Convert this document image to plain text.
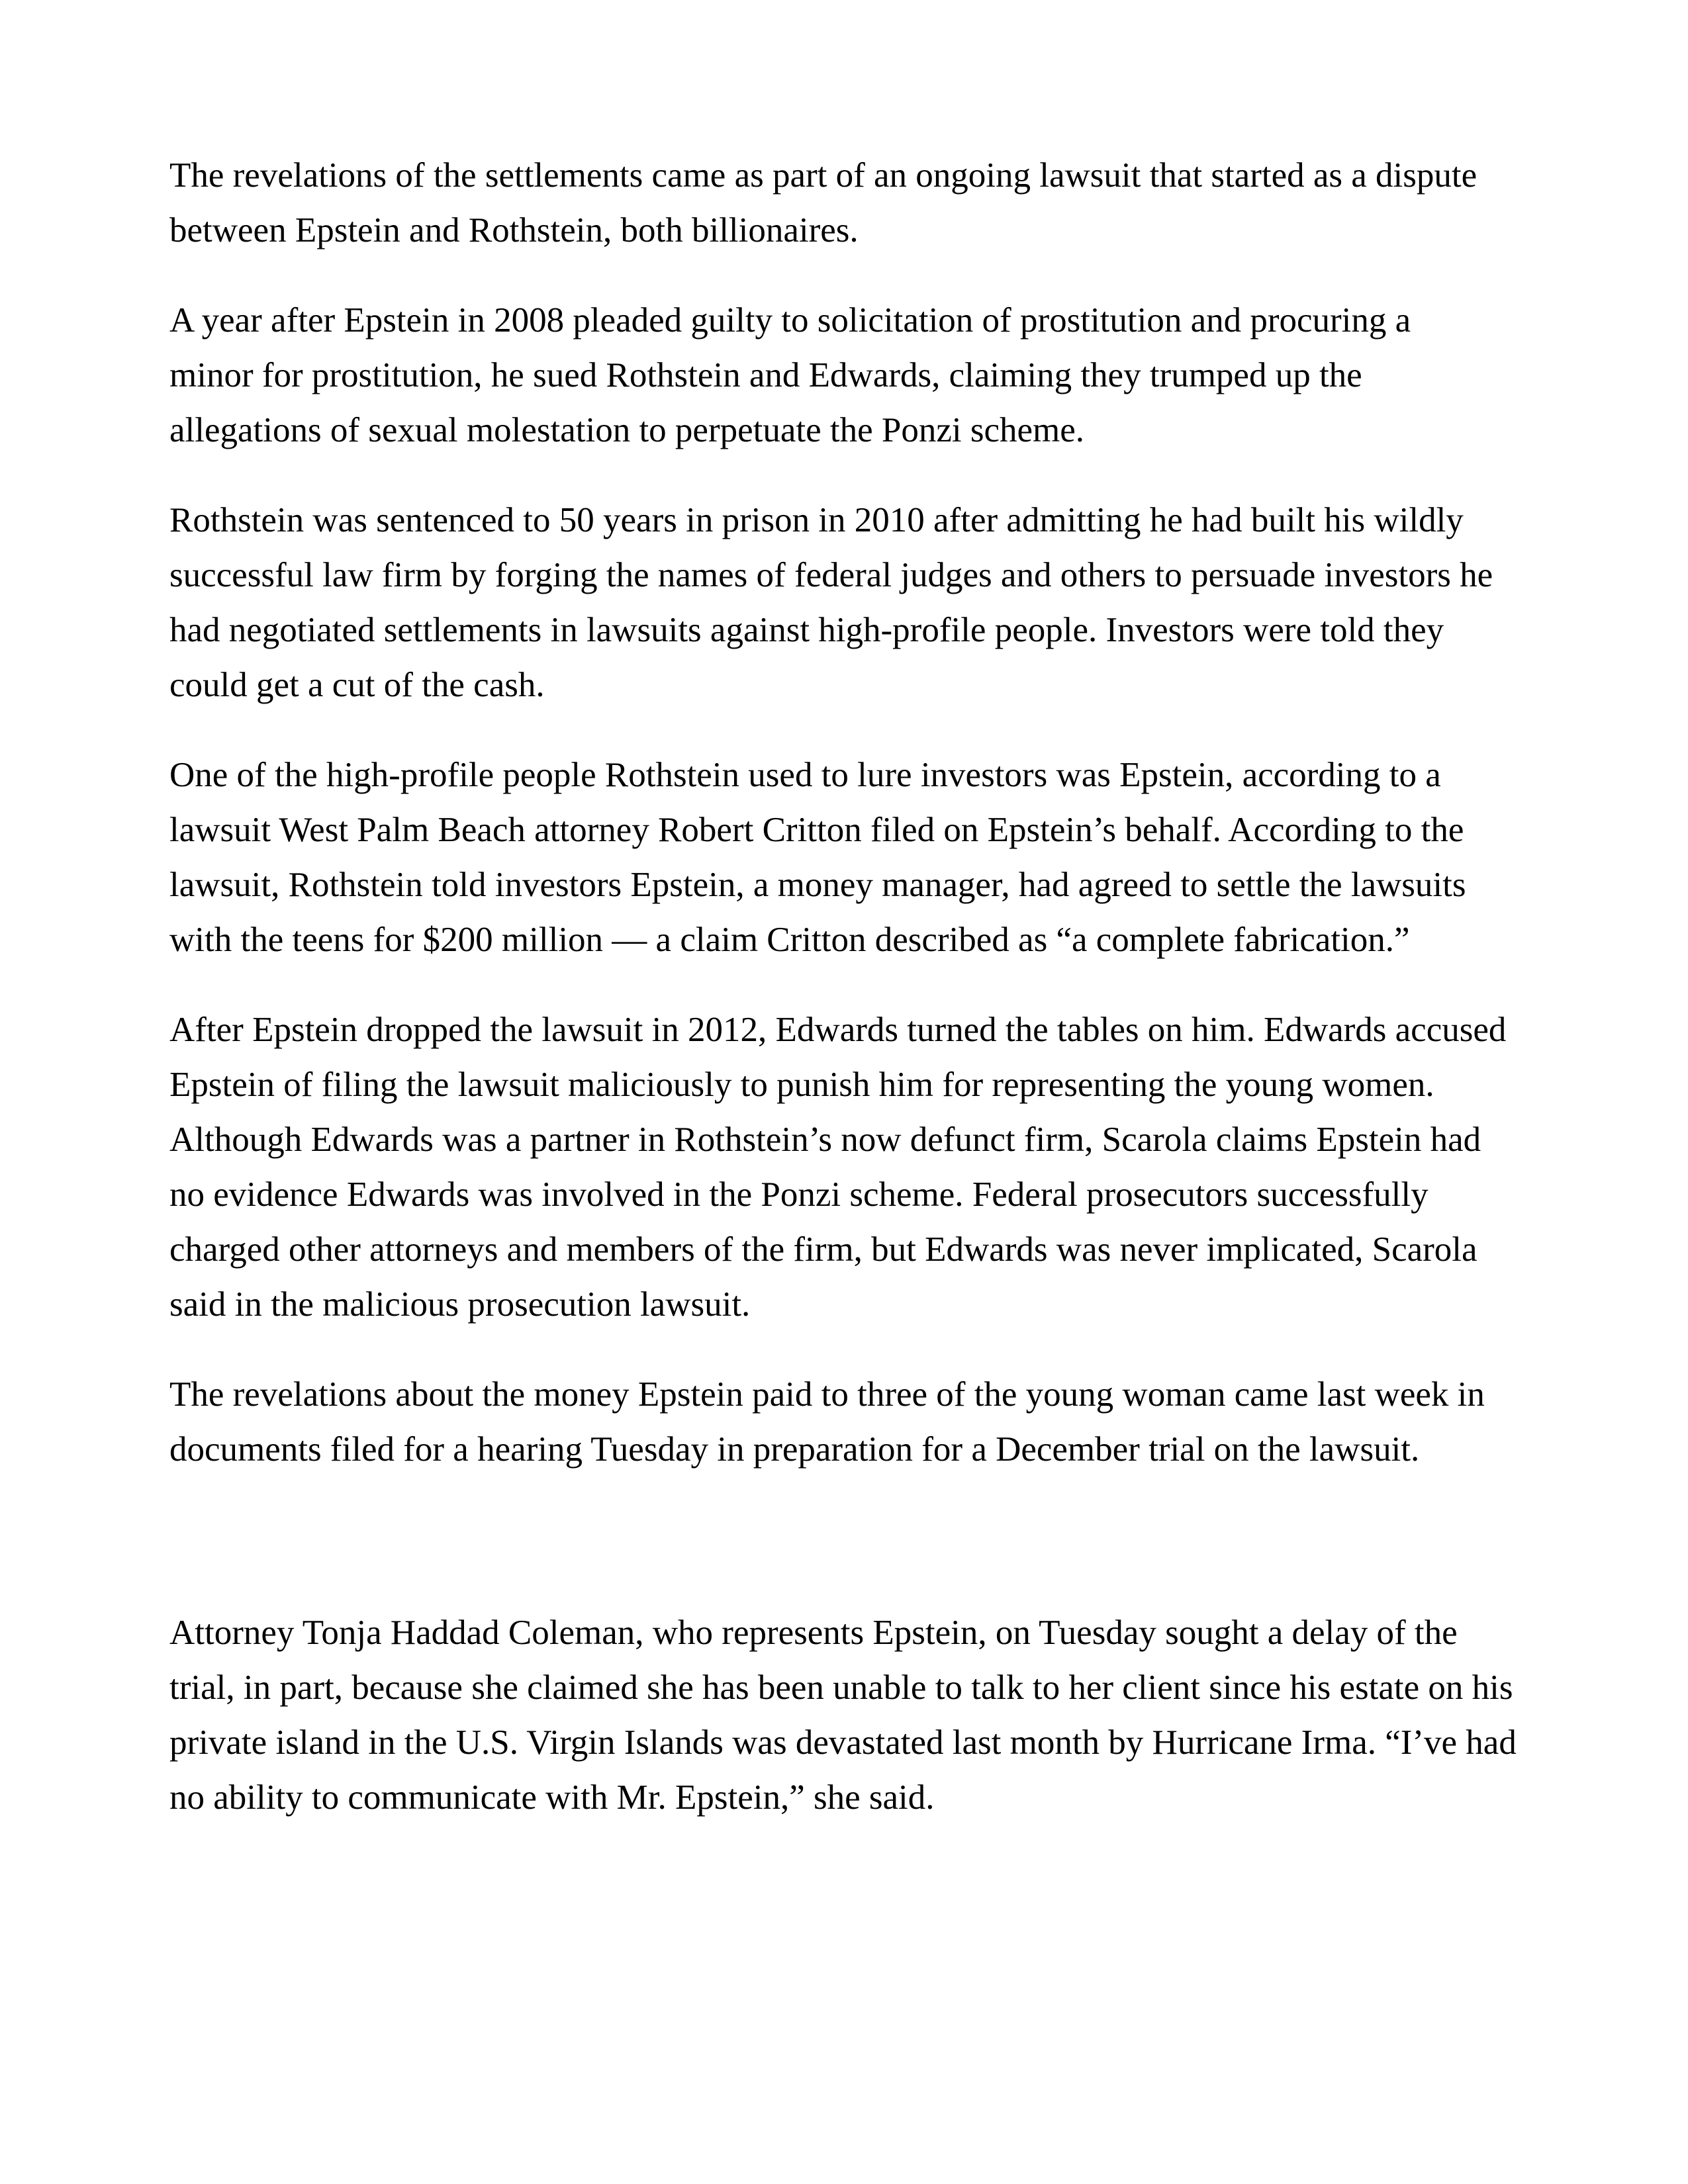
The revelations of the settlements came as part of an ongoing lawsuit that started as a dispute
between Epstein and Rothstein, both billionaires.

A year after Epstein in 2008 pleaded guilty to solicitation of prostitution and procuring a
minor for prostitution, he sued Rothstein and Edwards, claiming they trumped up the
allegations of sexual molestation to perpetuate the Ponzi scheme.

Rothstein was sentenced to 50 years in prison in 2010 after admitting he had built his wildly
successful law firm by forging the names of federal judges and others to persuade investors he
had negotiated settlements in lawsuits against high-profile people. Investors were told they
could get a cut of the cash.

One of the high-profile people Rothstein used to lure investors was Epstein, according to a
lawsuit West Palm Beach attorney Robert Critton filed on Epstein’s behalf. According to the
lawsuit, Rothstein told investors Epstein, a money manager, had agreed to settle the lawsuits
with the teens for $200 million — a claim Critton described as “a complete fabrication.”

After Epstein dropped the lawsuit in 2012, Edwards turned the tables on him. Edwards accused
Epstein of filing the lawsuit maliciously to punish him for representing the young women.
Although Edwards was a partner in Rothstein’s now defunct firm, Scarola claims Epstein had
no evidence Edwards was involved in the Ponzi scheme. Federal prosecutors successfully
charged other attorneys and members of the firm, but Edwards was never implicated, Scarola
said in the malicious prosecution lawsuit.

The revelations about the money Epstein paid to three of the young woman came last week in
documents filed for a hearing Tuesday in preparation for a December trial on the lawsuit.

Attorney Tonja Haddad Coleman, who represents Epstein, on Tuesday sought a delay of the
trial, in part, because she claimed she has been unable to talk to her client since his estate on his
private island in the U.S. Virgin Islands was devastated last month by Hurricane Irma. “I’ve had
no ability to communicate with Mr. Epstein,” she said.
